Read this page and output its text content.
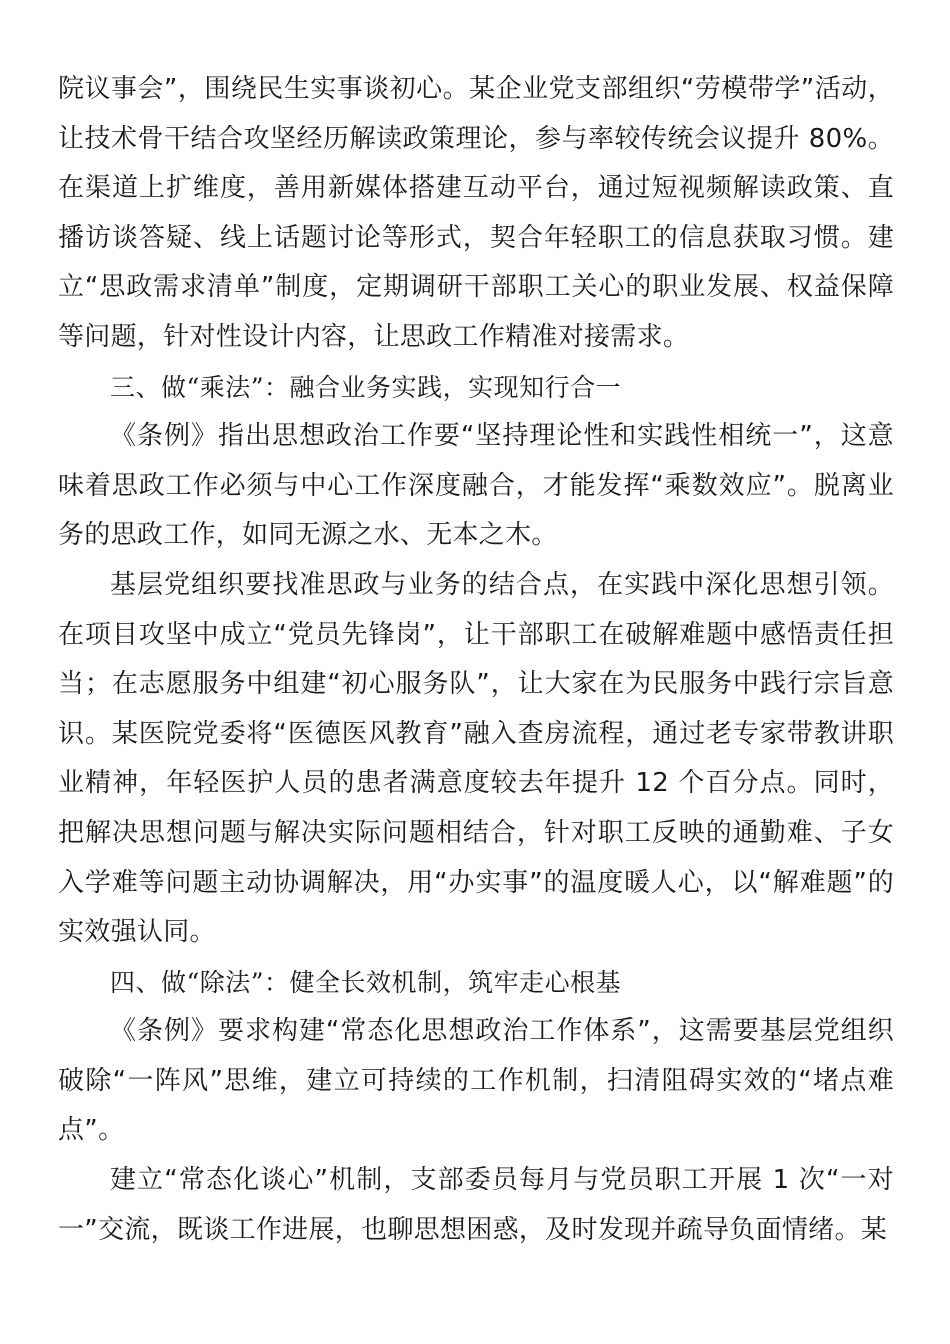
院议事会”，围绕民生实事谈初心。某企业党支部组织“劳模带学”活动，让技术骨干结合攻坚经历解读政策理论，参与率较传统会议提升 80%。在渠道上扩维度，善用新媒体搭建互动平台，通过短视频解读政策、直播访谈答疑、线上话题讨论等形式，契合年轻职工的信息获取习惯。建立“思政需求清单”制度，定期调研干部职工关心的职业发展、权益保障等问题，针对性设计内容，让思政工作精准对接需求。

三、做“乘法”：融合业务实践，实现知行合一

《条例》指出思想政治工作要“坚持理论性和实践性相统一”，这意味着思政工作必须与中心工作深度融合，才能发挥“乘数效应”。脱离业务的思政工作，如同无源之水、无本之木。

基层党组织要找准思政与业务的结合点，在实践中深化思想引领。在项目攻坚中成立“党员先锋岗”，让干部职工在破解难题中感悟责任担当；在志愿服务中组建“初心服务队”，让大家在为民服务中践行宗旨意识。某医院党委将“医德医风教育”融入查房流程，通过老专家带教讲职业精神，年轻医护人员的患者满意度较去年提升 12 个百分点。同时，把解决思想问题与解决实际问题相结合，针对职工反映的通勤难、子女入学难等问题主动协调解决，用“办实事”的温度暖人心，以“解难题”的实效强认同。

四、做“除法”：健全长效机制，筑牢走心根基

《条例》要求构建“常态化思想政治工作体系”，这需要基层党组织破除“一阵风”思维，建立可持续的工作机制，扫清阻碍实效的“堵点难点”。

建立“常态化谈心”机制，支部委员每月与党员职工开展 1 次“一对一”交流，既谈工作进展，也聊思想困惑，及时发现并疏导负面情绪。某
